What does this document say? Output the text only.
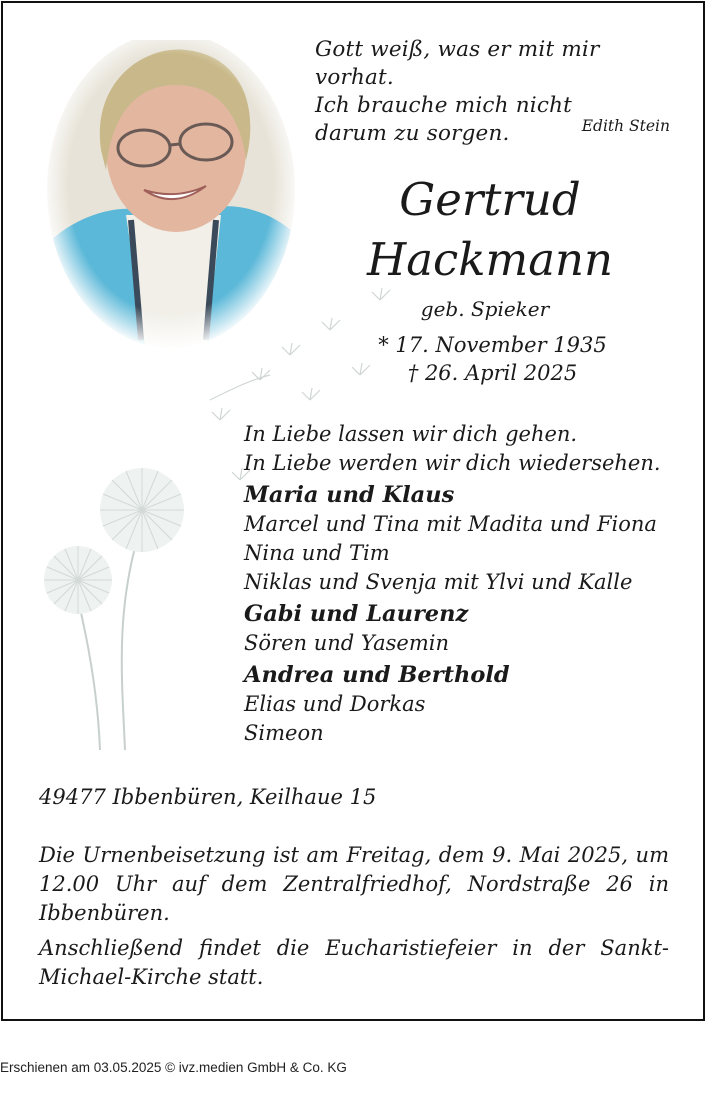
Gott weiß, was er mit mir vorhat.
Ich brauche mich nicht
darum zu sorgen.	Edith Stein
Gertrud
Hackmann
geb. Spieker
* 17. November 1935
† 26. April 2025
In Liebe lassen wir dich gehen.
In Liebe werden wir dich wiedersehen.

Maria und Klaus

Marcel und Tina mit Madita und Fiona

Nina und Tim

Niklas und Svenja mit Ylvi und Kalle

Gabi und Laurenz

Sören und Yasemin

Andrea und Berthold

Elias und Dorkas

Simeon

49477 Ibbenbüren, Keilhaue 15
Die Urnenbeisetzung ist am Freitag, dem 9. Mai 2025, um 12.00 Uhr auf dem Zentralfriedhof, Nordstraße 26 in Ibbenbüren.
Anschließend findet die Eucharistiefeier in der Sankt-Michael-Kirche statt.
Erschienen am 03.05.2025 © ivz.medien GmbH & Co. KG
